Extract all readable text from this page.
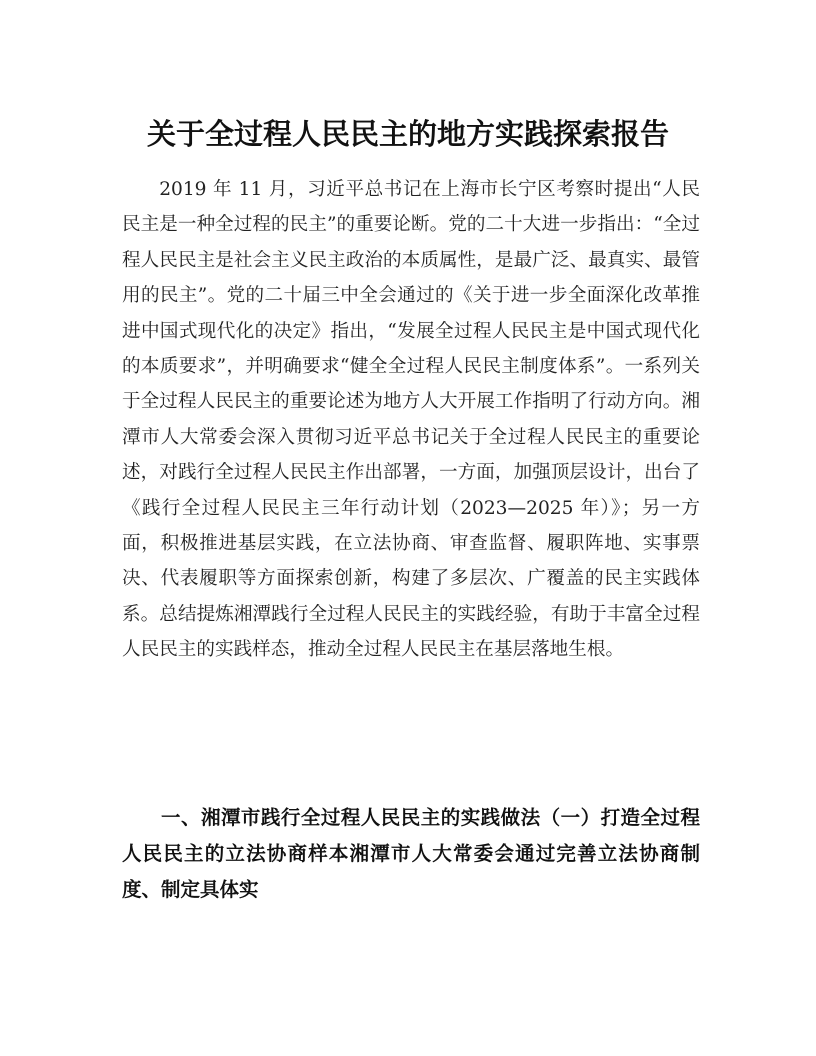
关于全过程人民民主的地方实践探索报告

2019 年 11 月，习近平总书记在上海市长宁区考察时提出“人民民主是一种全过程的民主”的重要论断。党的二十大进一步指出：“全过程人民民主是社会主义民主政治的本质属性，是最广泛、最真实、最管用的民主”。党的二十届三中全会通过的《关于进一步全面深化改革推进中国式现代化的决定》指出，“发展全过程人民民主是中国式现代化的本质要求”，并明确要求“健全全过程人民民主制度体系”。一系列关于全过程人民民主的重要论述为地方人大开展工作指明了行动方向。湘潭市人大常委会深入贯彻习近平总书记关于全过程人民民主的重要论述，对践行全过程人民民主作出部署，一方面，加强顶层设计，出台了《践行全过程人民民主三年行动计划（2023—2025 年）》；另一方面，积极推进基层实践，在立法协商、审查监督、履职阵地、实事票决、代表履职等方面探索创新，构建了多层次、广覆盖的民主实践体系。总结提炼湘潭践行全过程人民民主的实践经验，有助于丰富全过程人民民主的实践样态，推动全过程人民民主在基层落地生根。

一、湘潭市践行全过程人民民主的实践做法（一）打造全过程人民民主的立法协商样本湘潭市人大常委会通过完善立法协商制度、制定具体实
